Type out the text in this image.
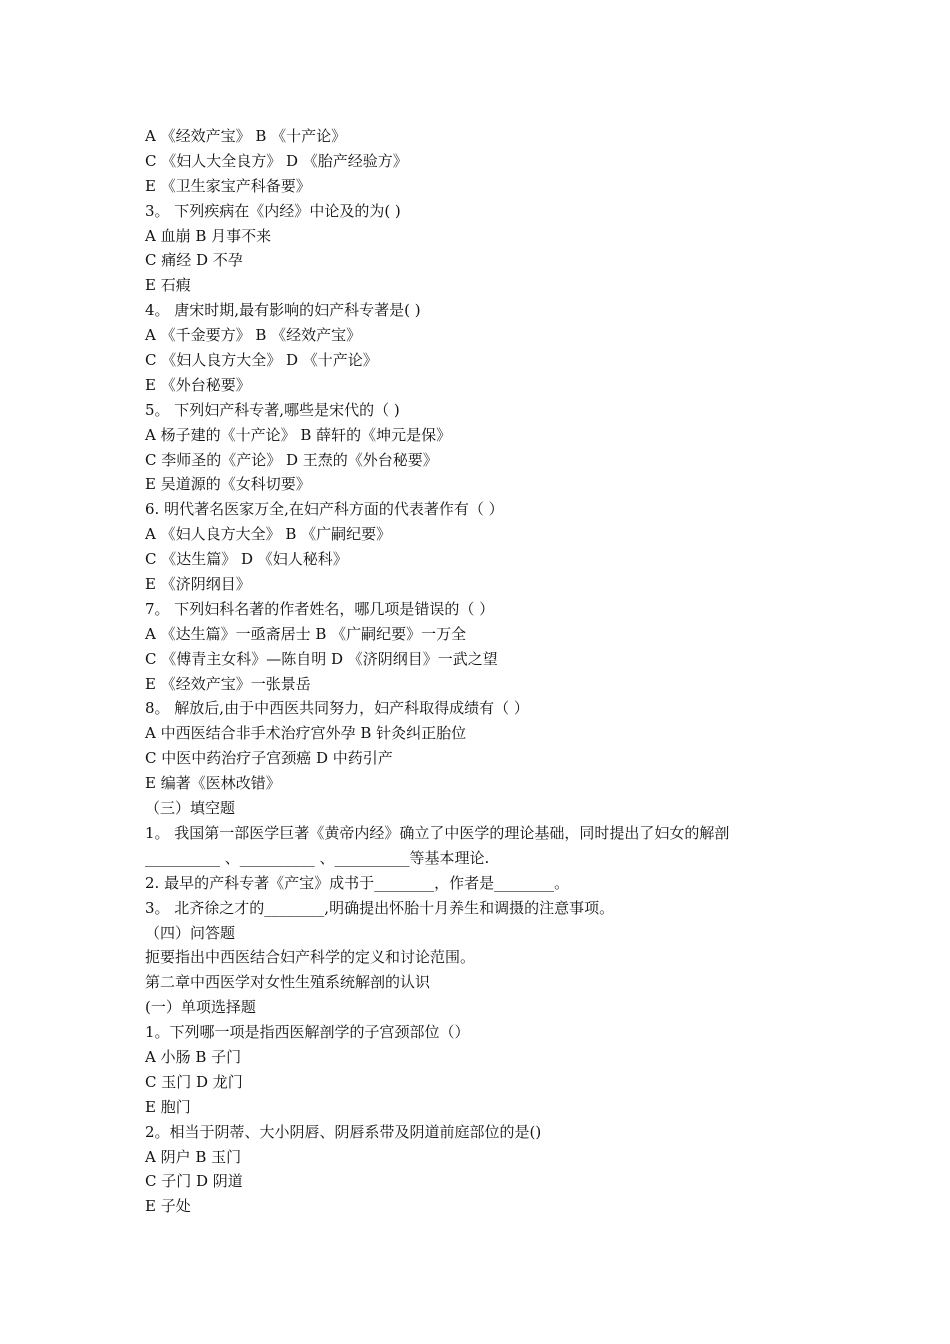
A 《经效产宝》 B 《十产论》
C 《妇人大全良方》 D 《胎产经验方》
E 《卫生家宝产科备要》
3。 下列疾病在《内经》中论及的为( )
A 血崩 B 月事不来
C 痛经 D 不孕
E 石瘕
4。 唐宋时期,最有影响的妇产科专著是( )
A 《千金要方》 B 《经效产宝》
C 《妇人良方大全》 D 《十产论》
E 《外台秘要》
5。 下列妇产科专著,哪些是宋代的（ )
A 杨子建的《十产论》 B 薛轩的《坤元是保》
C 李师圣的《产论》 D 王焘的《外台秘要》
E 吴道源的《女科切要》
6. 明代著名医家万全,在妇产科方面的代表著作有（ ）
A 《妇人良方大全》 B 《广嗣纪要》
C 《达生篇》 D 《妇人秘科》
E 《济阴纲目》
7。 下列妇科名著的作者姓名，哪几项是错误的（ ）
A 《达生篇》一亟斋居士 B 《广嗣纪要》一万全
C 《傅青主女科》—陈自明 D 《济阴纲目》一武之望
E 《经效产宝》一张景岳
8。 解放后,由于中西医共同努力，妇产科取得成绩有（ ）
A 中西医结合非手术治疗宫外孕 B 针灸纠正胎位
C 中医中药治疗子宫颈癌 D 中药引产
E 编著《医林改错》
（三）填空题
1。 我国第一部医学巨著《黄帝内经》确立了中医学的理论基础，同时提出了妇女的解剖
__________ 、__________ 、__________等基本理论.
2. 最早的产科专著《产宝》成书于________，作者是________。
3。 北齐徐之才的________,明确提出怀胎十月养生和调摄的注意事项。
（四）问答题
扼要指出中西医结合妇产科学的定义和讨论范围。
第二章中西医学对女性生殖系统解剖的认识
(一）单项选择题
1。下列哪一项是指西医解剖学的子宫颈部位（）
A 小肠 B 子门
C 玉门 D 龙门
E 胞门
2。相当于阴蒂、大小阴唇、阴唇系带及阴道前庭部位的是()
A 阴户 B 玉门
C 子门 D 阴道
E 子处
